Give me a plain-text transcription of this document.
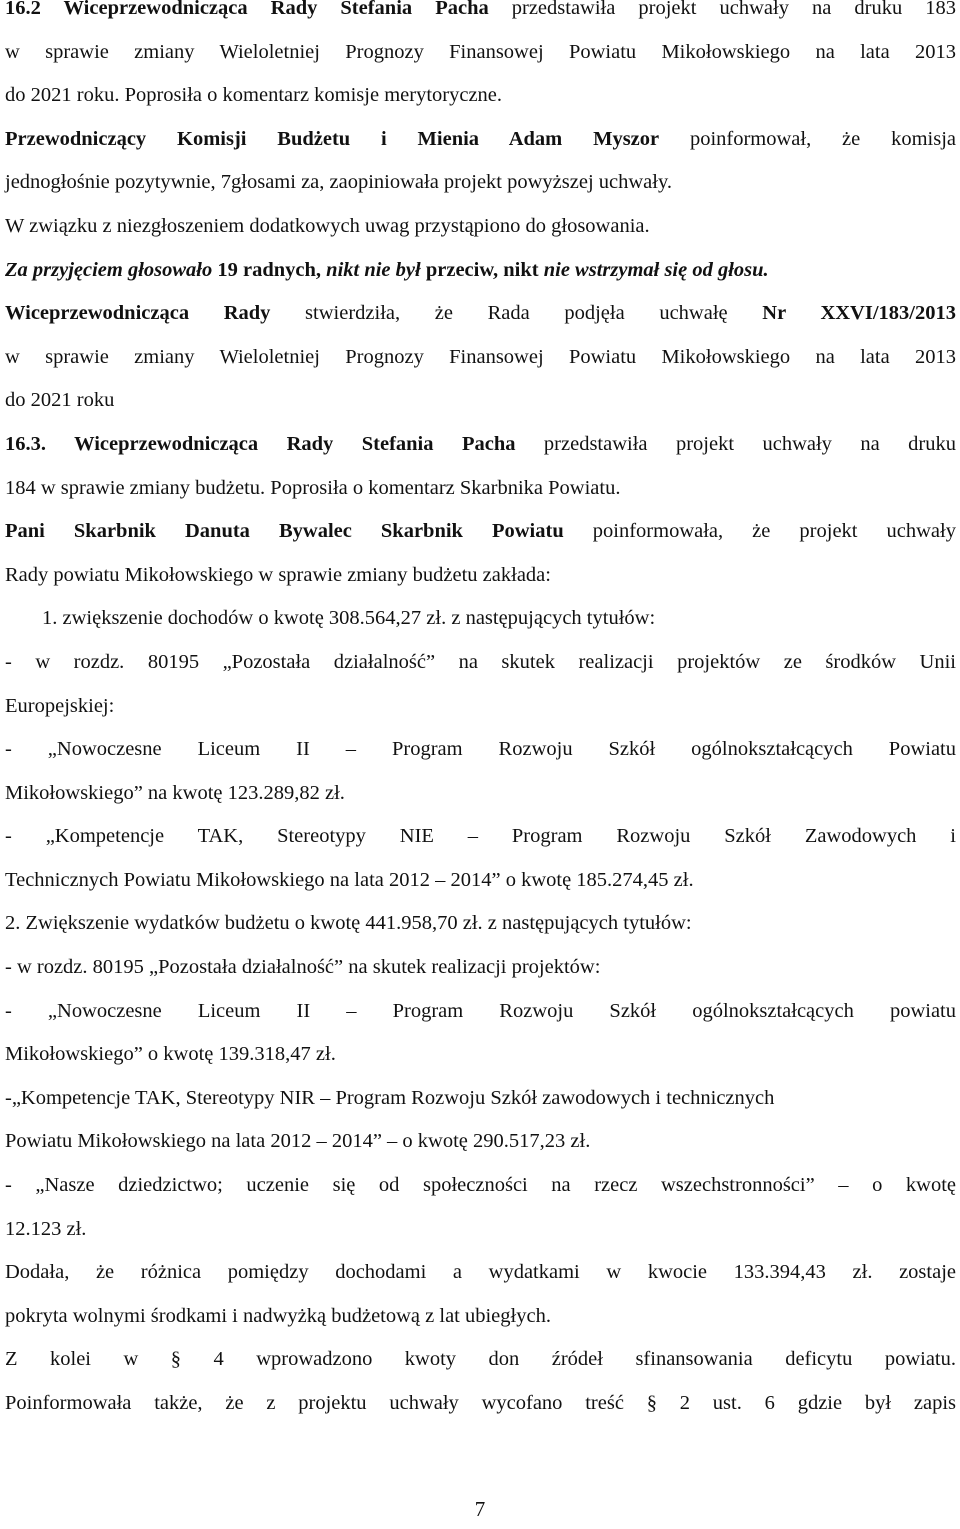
16.2 Wiceprzewodnicząca Rady Stefania Pacha przedstawiła projekt uchwały na druku 183
w sprawie zmiany Wieloletniej Prognozy Finansowej Powiatu Mikołowskiego na lata 2013
do 2021 roku. Poprosiła o komentarz komisje merytoryczne.
Przewodniczący Komisji Budżetu i Mienia Adam Myszor poinformował, że komisja
jednogłośnie pozytywnie, 7głosami za, zaopiniowała projekt powyższej uchwały.
W związku z niezgłoszeniem dodatkowych uwag przystąpiono do głosowania.
Za przyjęciem głosowało 19 radnych, nikt nie był przeciw, nikt nie wstrzymał się od głosu.
Wiceprzewodnicząca Rady stwierdziła, że Rada podjęła uchwałę Nr XXVI/183/2013
w sprawie zmiany Wieloletniej Prognozy Finansowej Powiatu Mikołowskiego na lata 2013
do 2021 roku
16.3. Wiceprzewodnicząca Rady Stefania Pacha przedstawiła projekt uchwały na druku
184 w sprawie zmiany budżetu. Poprosiła o komentarz Skarbnika Powiatu.
Pani Skarbnik Danuta Bywalec Skarbnik Powiatu poinformowała, że projekt uchwały
Rady powiatu Mikołowskiego w sprawie zmiany budżetu zakłada:
1. zwiększenie dochodów o kwotę 308.564,27 zł. z następujących tytułów:
- w rozdz. 80195 „Pozostała działalność” na skutek realizacji projektów ze środków Unii
Europejskiej:
- „Nowoczesne Liceum II – Program Rozwoju Szkół ogólnokształcących Powiatu
Mikołowskiego” na kwotę 123.289,82 zł.
- „Kompetencje TAK, Stereotypy NIE – Program Rozwoju Szkół Zawodowych i
Technicznych Powiatu Mikołowskiego na lata 2012 – 2014” o kwotę 185.274,45 zł.
2. Zwiększenie wydatków budżetu o kwotę 441.958,70 zł. z następujących tytułów:
- w rozdz. 80195 „Pozostała działalność” na skutek realizacji projektów:
- „Nowoczesne Liceum II – Program Rozwoju Szkół ogólnokształcących powiatu
Mikołowskiego” o kwotę 139.318,47 zł.
-„Kompetencje TAK, Stereotypy NIR – Program Rozwoju Szkół zawodowych i technicznych
Powiatu Mikołowskiego na lata 2012 – 2014” – o kwotę 290.517,23 zł.
- „Nasze dziedzictwo; uczenie się od społeczności na rzecz wszechstronności” – o kwotę
12.123 zł.
Dodała, że różnica pomiędzy dochodami a wydatkami w kwocie 133.394,43 zł. zostaje
pokryta wolnymi środkami i nadwyżką budżetową z lat ubiegłych.
Z kolei w § 4 wprowadzono kwoty don źródeł sfinansowania deficytu powiatu.
Poinformowała także, że z projektu uchwały wycofano treść § 2 ust. 6 gdzie był zapis
7
